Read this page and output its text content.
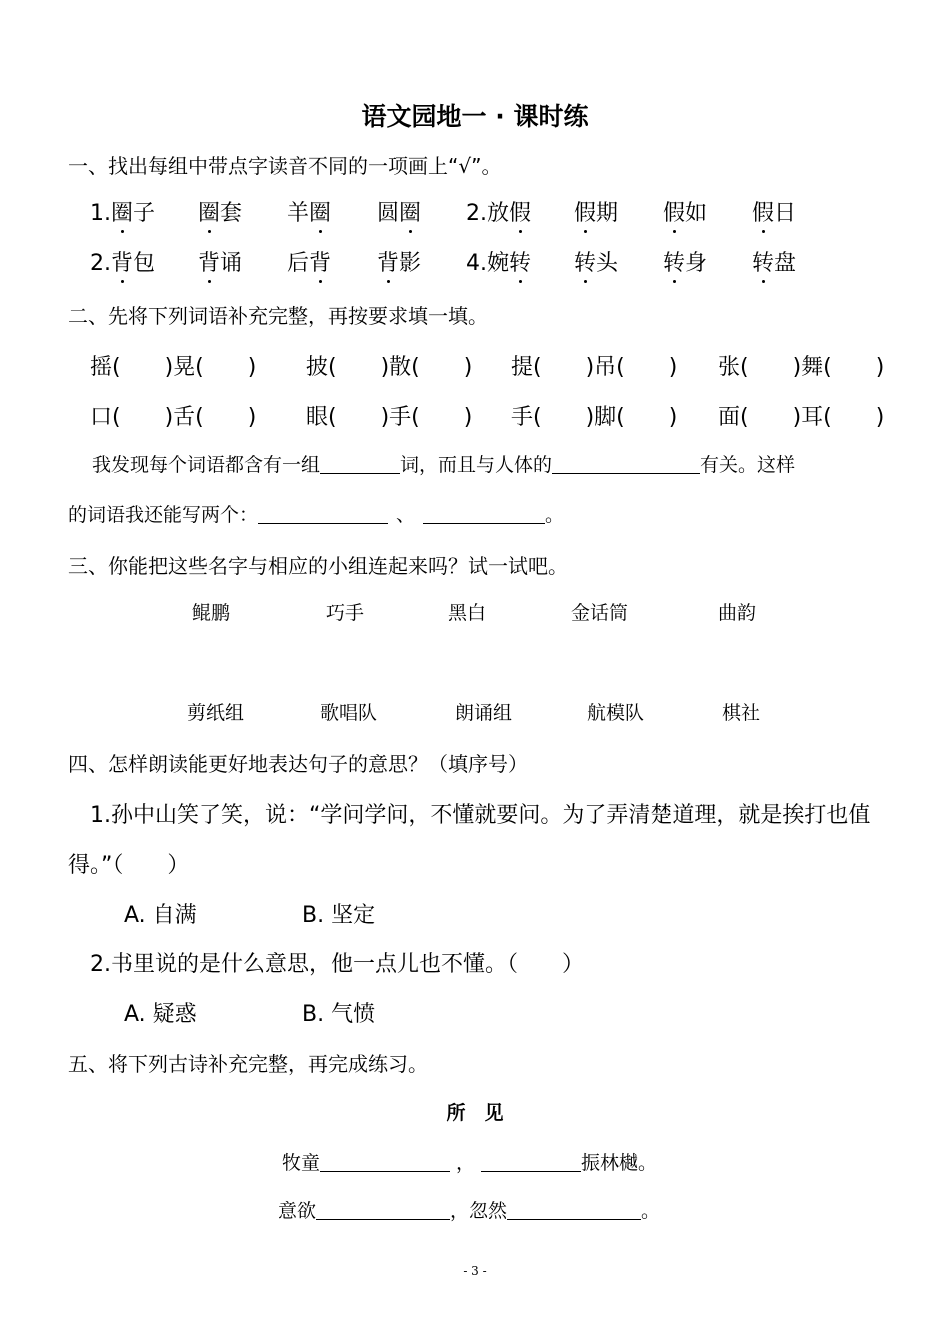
语文园地一 · 课时练
一、找出每组中带点字读音不同的一项画上“√”。
1.圈子 圈套 羊圈 圆圈 2.放假 假期 假如 假日
2.背包 背诵 后背 背影 4.婉转 转头 转身 转盘
二、先将下列词语补充完整，再按要求填一填。
摇(　　)晃(　　) 披(　　)散(　　) 提(　　)吊(　　) 张(　　)舞(　　)
口(　　)舌(　　) 眼(　　)手(　　) 手(　　)脚(　　) 面(　　)耳(　　)
我发现每个词语都含有一组	词，而且与人体的	有关。这样
的词语我还能写两个：	、	。
三、你能把这些名字与相应的小组连起来吗？试一试吧。
鲲鹏	巧手	黑白	金话筒	曲韵
剪纸组	歌唱队	朗诵组	航模队	棋社
四、怎样朗读能更好地表达句子的意思？（填序号）
1.孙中山笑了笑，说：“学问学问，不懂就要问。为了弄清楚道理，就是挨打也值
得。”（　　）
A. 自满	B. 坚定
2.书里说的是什么意思，他一点儿也不懂。（　　）
A. 疑惑	B. 气愤
五、将下列古诗补充完整，再完成练习。
所　见
牧童	，	振林樾。
意欲	，忽然	。
- 3 -
